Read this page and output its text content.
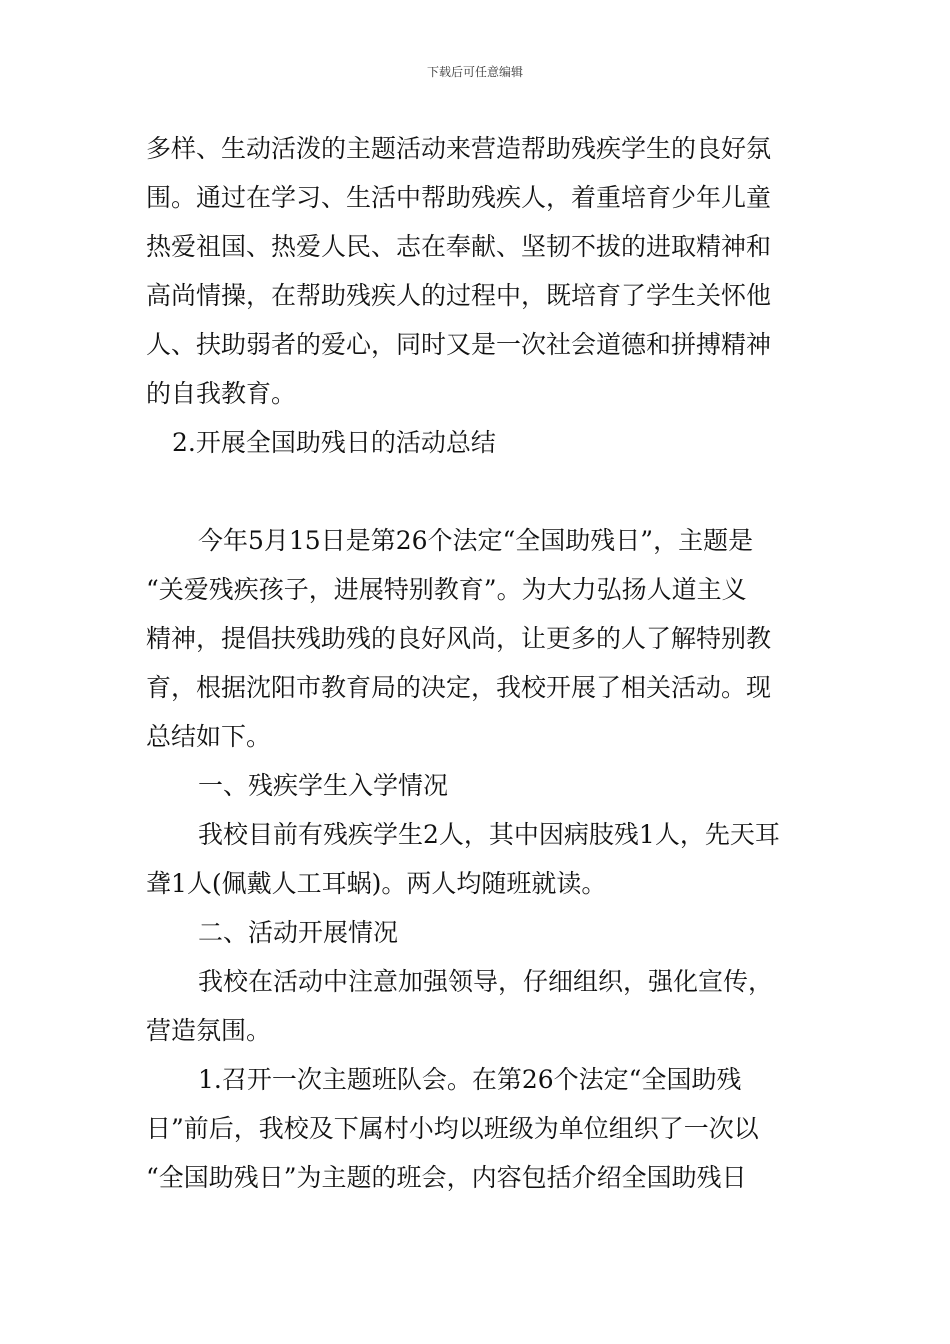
下载后可任意编辑
多样、生动活泼的主题活动来营造帮助残疾学生的良好氛
围。通过在学习、生活中帮助残疾人，着重培育少年儿童
热爱祖国、热爱人民、志在奉献、坚韧不拔的进取精神和
高尚情操，在帮助残疾人的过程中，既培育了学生关怀他
人、扶助弱者的爱心，同时又是一次社会道德和拼搏精神
的自我教育。
2.开展全国助残日的活动总结
今年5月15日是第26个法定“全国助残日”，主题是
“关爱残疾孩子，进展特别教育”。为大力弘扬人道主义
精神，提倡扶残助残的良好风尚，让更多的人了解特别教
育，根据沈阳市教育局的决定，我校开展了相关活动。现
总结如下。
一、残疾学生入学情况
我校目前有残疾学生2人，其中因病肢残1人，先天耳
聋1人(佩戴人工耳蜗)。两人均随班就读。
二、活动开展情况
我校在活动中注意加强领导，仔细组织，强化宣传，
营造氛围。
1.召开一次主题班队会。在第26个法定“全国助残
日”前后，我校及下属村小均以班级为单位组织了一次以
“全国助残日”为主题的班会，内容包括介绍全国助残日
